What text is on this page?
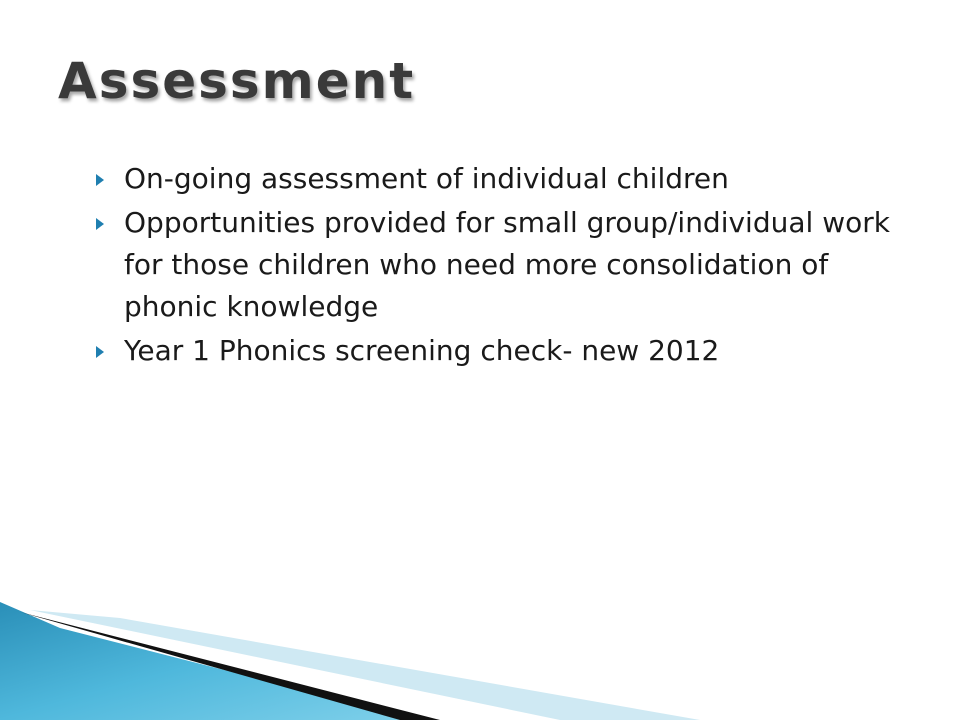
Assessment
On-going assessment of individual children
Opportunities provided for small group/individual work for those children who need more consolidation of phonic knowledge
Year 1 Phonics screening check- new 2012
